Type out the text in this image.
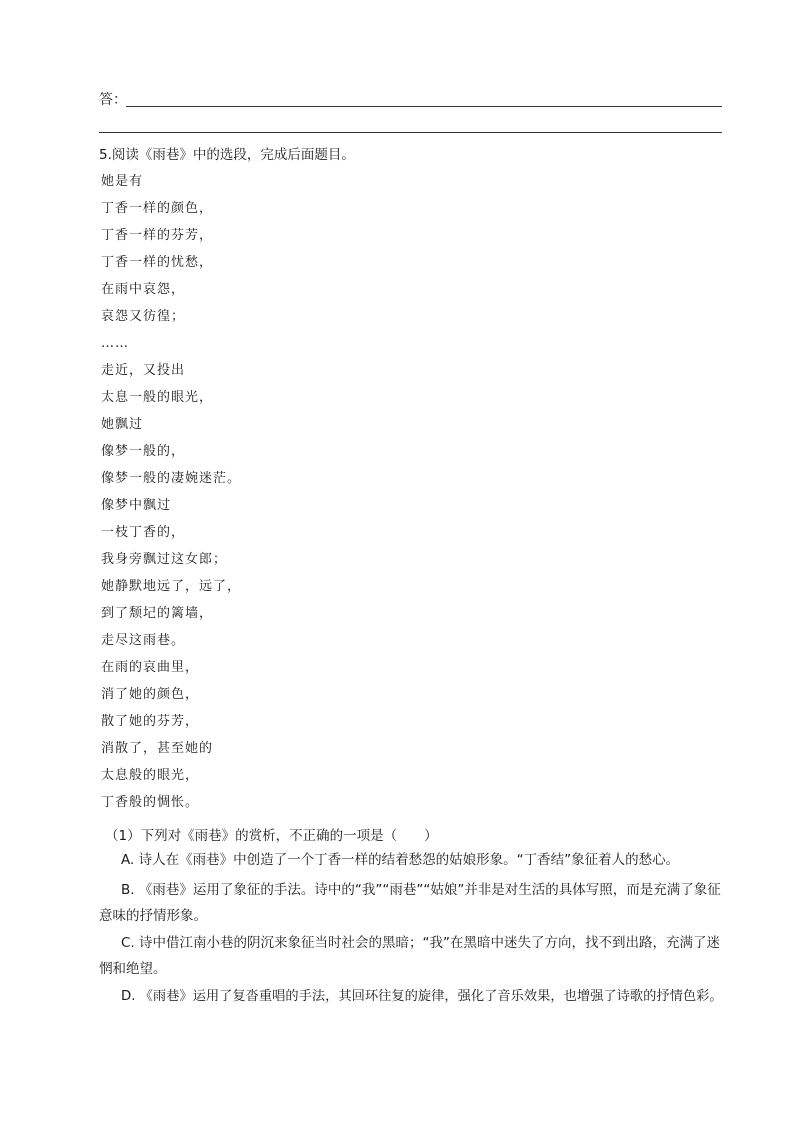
答：
5.阅读《雨巷》中的选段，完成后面题目。
她是有
丁香一样的颜色，
丁香一样的芬芳，
丁香一样的忧愁，
在雨中哀怨，
哀怨又彷徨；
……
走近，又投出
太息一般的眼光，
她飘过
像梦一般的，
像梦一般的凄婉迷茫。
像梦中飘过
一枝丁香的，
我身旁飘过这女郎；
她静默地远了，远了，
到了颓圮的篱墙，
走尽这雨巷。
在雨的哀曲里，
消了她的颜色，
散了她的芬芳，
消散了，甚至她的
太息般的眼光，
丁香般的惆怅。
（1）下列对《雨巷》的赏析，不正确的一项是（　　）
A. 诗人在《雨巷》中创造了一个丁香一样的结着愁怨的姑娘形象。“丁香结”象征着人的愁心。
B. 《雨巷》运用了象征的手法。诗中的“我”“雨巷”“姑娘”并非是对生活的具体写照，而是充满了象征意味的抒情形象。
C. 诗中借江南小巷的阴沉来象征当时社会的黑暗；“我”在黑暗中迷失了方向，找不到出路，充满了迷惘和绝望。
D. 《雨巷》运用了复沓重唱的手法，其回环往复的旋律，强化了音乐效果，也增强了诗歌的抒情色彩。
